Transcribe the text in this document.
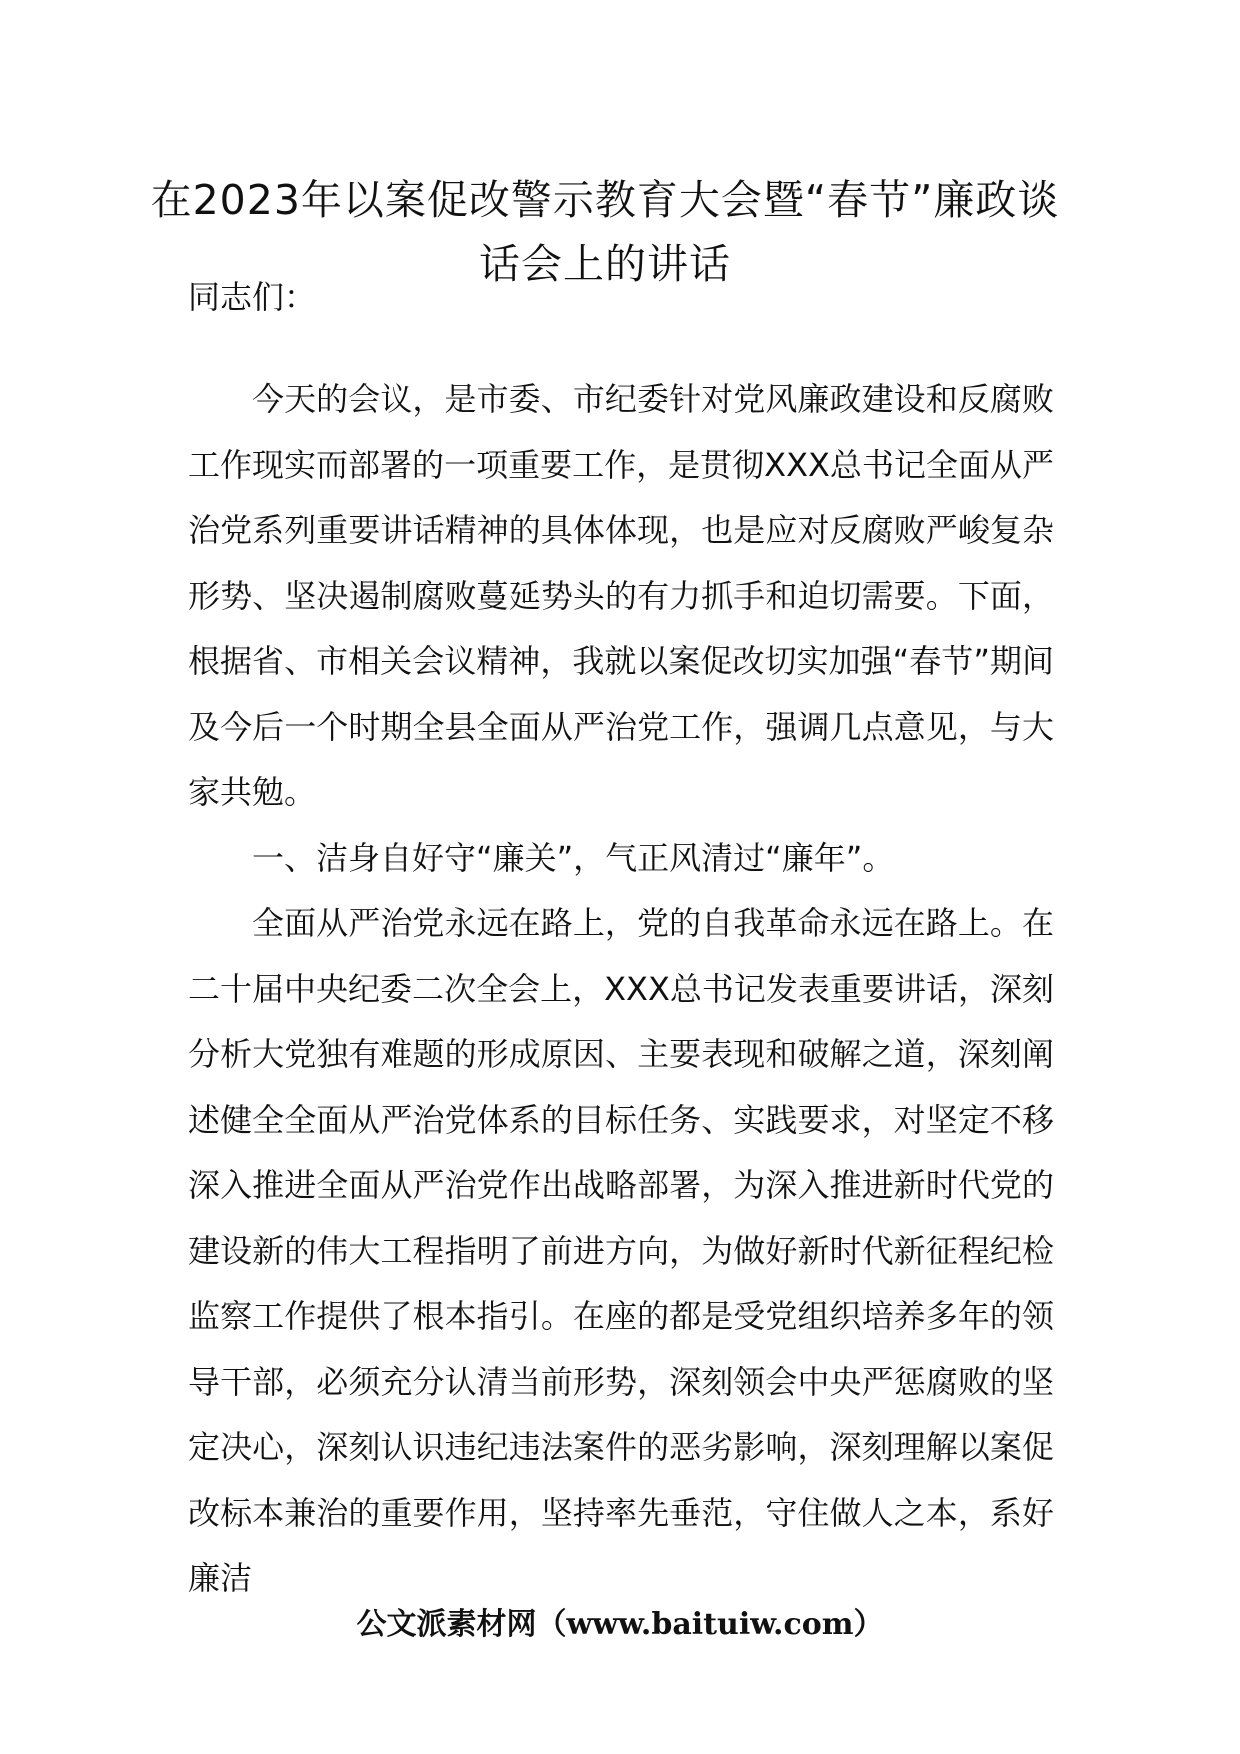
在2023年以案促改警示教育大会暨“春节”廉政谈话会上的讲话

同志们：

今天的会议，是市委、市纪委针对党风廉政建设和反腐败工作现实而部署的一项重要工作，是贯彻XXX总书记全面从严治党系列重要讲话精神的具体体现，也是应对反腐败严峻复杂形势、坚决遏制腐败蔓延势头的有力抓手和迫切需要。下面，根据省、市相关会议精神，我就以案促改切实加强“春节”期间及今后一个时期全县全面从严治党工作，强调几点意见，与大家共勉。

一、洁身自好守“廉关”，气正风清过“廉年”。

全面从严治党永远在路上，党的自我革命永远在路上。在二十届中央纪委二次全会上，XXX总书记发表重要讲话，深刻分析大党独有难题的形成原因、主要表现和破解之道，深刻阐述健全全面从严治党体系的目标任务、实践要求，对坚定不移深入推进全面从严治党作出战略部署，为深入推进新时代党的建设新的伟大工程指明了前进方向，为做好新时代新征程纪检监察工作提供了根本指引。在座的都是受党组织培养多年的领导干部，必须充分认清当前形势，深刻领会中央严惩腐败的坚定决心，深刻认识违纪违法案件的恶劣影响，深刻理解以案促改标本兼治的重要作用，坚持率先垂范，守住做人之本，系好廉洁

公文派素材网（www.baituiw.com）
